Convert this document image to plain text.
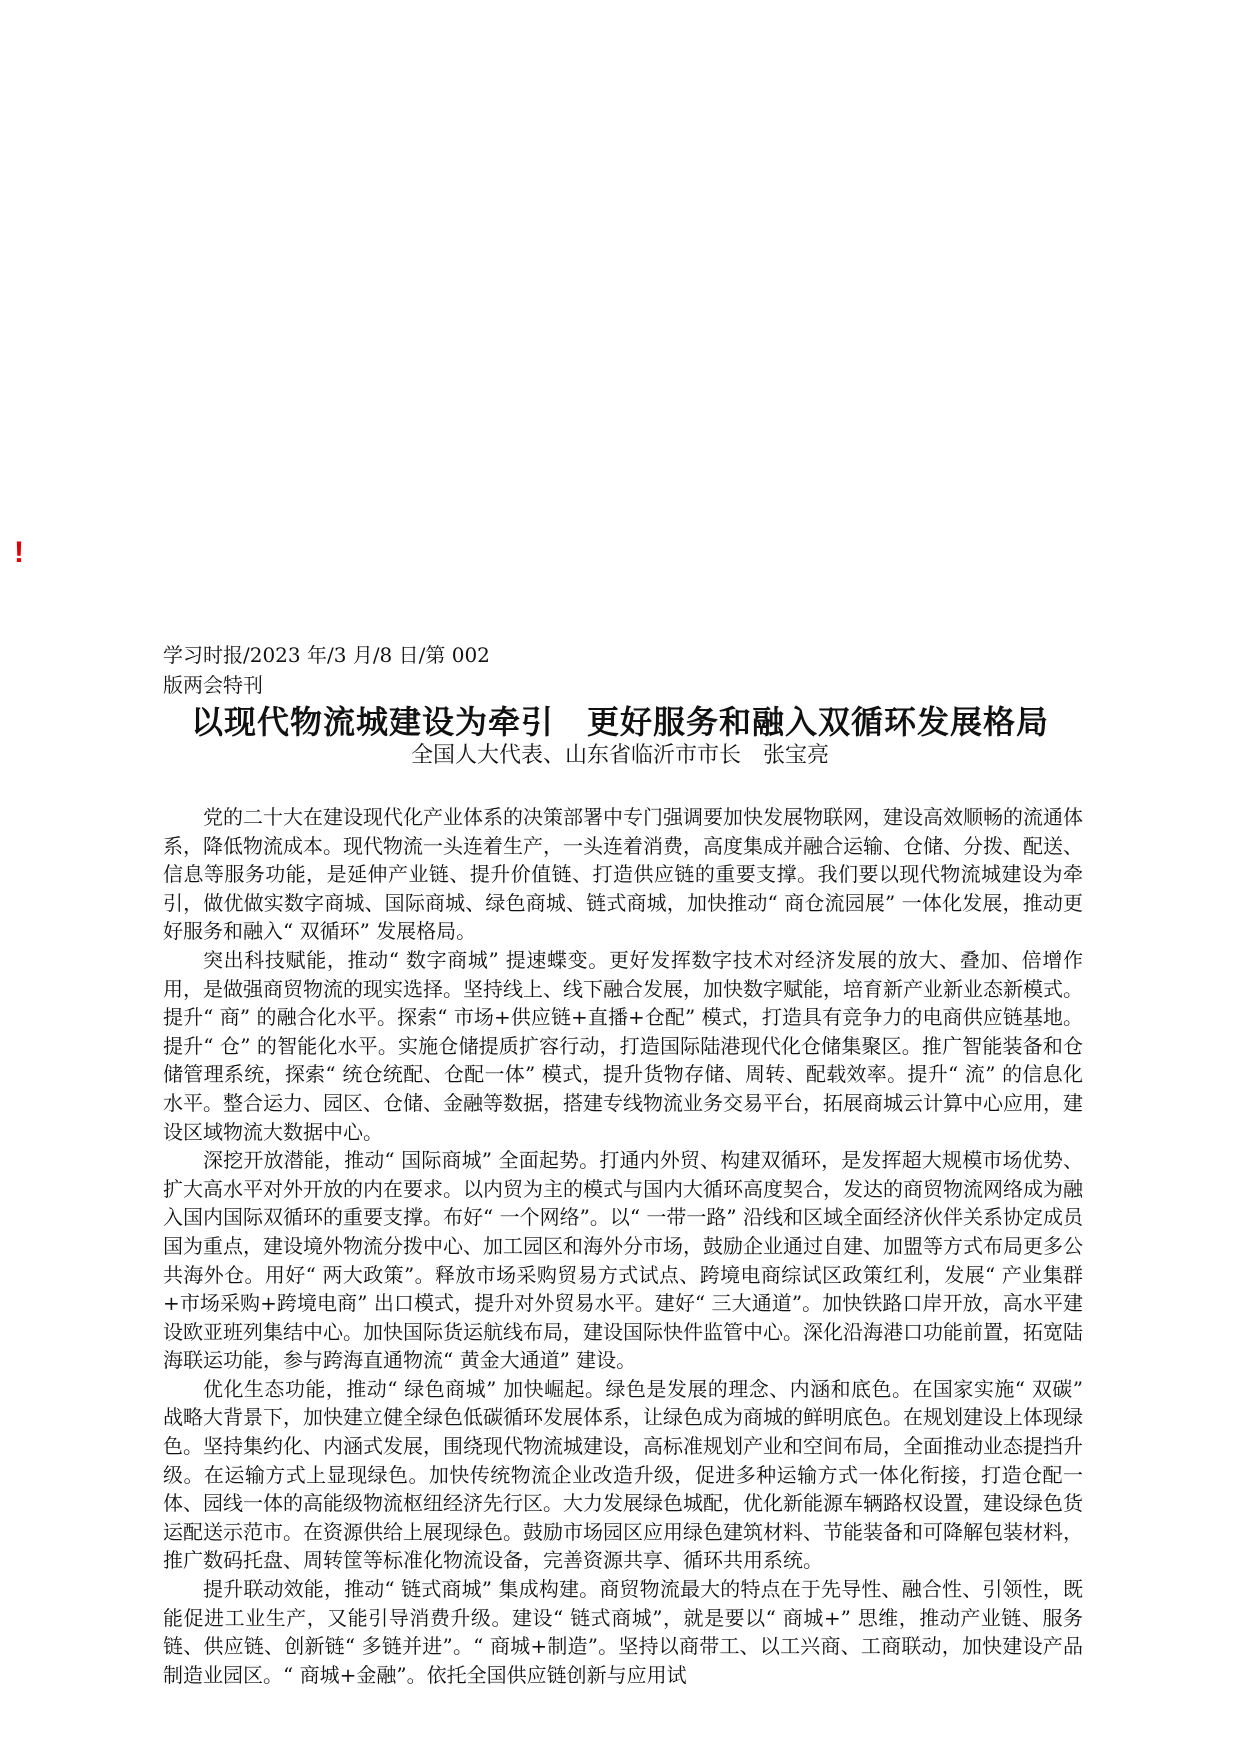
!
学习时报/2023 年/3 月/8 日/第 002 版两会特刊
以现代物流城建设为牵引　更好服务和融入双循环发展格局
全国人大代表、山东省临沂市市长　张宝亮

党的二十大在建设现代化产业体系的决策部署中专门强调要加快发展物联网，建设高效顺畅的流通体系，降低物流成本。现代物流一头连着生产，一头连着消费，高度集成并融合运输、仓储、分拨、配送、信息等服务功能，是延伸产业链、提升价值链、打造供应链的重要支撑。我们要以现代物流城建设为牵引，做优做实数字商城、国际商城、绿色商城、链式商城，加快推动“ 商仓流园展” 一体化发展，推动更好服务和融入“ 双循环” 发展格局。

突出科技赋能，推动“ 数字商城” 提速蝶变。更好发挥数字技术对经济发展的放大、叠加、倍增作用，是做强商贸物流的现实选择。坚持线上、线下融合发展，加快数字赋能，培育新产业新业态新模式。提升“ 商” 的融合化水平。探索“ 市场+供应链+直播+仓配” 模式，打造具有竞争力的电商供应链基地。提升“ 仓” 的智能化水平。实施仓储提质扩容行动，打造国际陆港现代化仓储集聚区。推广智能装备和仓储管理系统，探索“ 统仓统配、仓配一体” 模式，提升货物存储、周转、配载效率。提升“ 流” 的信息化水平。整合运力、园区、仓储、金融等数据，搭建专线物流业务交易平台，拓展商城云计算中心应用，建设区域物流大数据中心。

深挖开放潜能，推动“ 国际商城” 全面起势。打通内外贸、构建双循环，是发挥超大规模市场优势、扩大高水平对外开放的内在要求。以内贸为主的模式与国内大循环高度契合，发达的商贸物流网络成为融入国内国际双循环的重要支撑。布好“ 一个网络”。以“ 一带一路” 沿线和区域全面经济伙伴关系协定成员国为重点，建设境外物流分拨中心、加工园区和海外分市场，鼓励企业通过自建、加盟等方式布局更多公共海外仓。用好“ 两大政策”。释放市场采购贸易方式试点、跨境电商综试区政策红利，发展“ 产业集群+市场采购+跨境电商” 出口模式，提升对外贸易水平。建好“ 三大通道”。加快铁路口岸开放，高水平建设欧亚班列集结中心。加快国际货运航线布局，建设国际快件监管中心。深化沿海港口功能前置，拓宽陆海联运功能，参与跨海直通物流“ 黄金大通道” 建设。

优化生态功能，推动“ 绿色商城” 加快崛起。绿色是发展的理念、内涵和底色。在国家实施“ 双碳” 战略大背景下，加快建立健全绿色低碳循环发展体系，让绿色成为商城的鲜明底色。在规划建设上体现绿色。坚持集约化、内涵式发展，围绕现代物流城建设，高标准规划产业和空间布局，全面推动业态提挡升级。在运输方式上显现绿色。加快传统物流企业改造升级，促进多种运输方式一体化衔接，打造仓配一体、园线一体的高能级物流枢纽经济先行区。大力发展绿色城配，优化新能源车辆路权设置，建设绿色货运配送示范市。在资源供给上展现绿色。鼓励市场园区应用绿色建筑材料、节能装备和可降解包装材料，推广数码托盘、周转筐等标准化物流设备，完善资源共享、循环共用系统。

提升联动效能，推动“ 链式商城” 集成构建。商贸物流最大的特点在于先导性、融合性、引领性，既能促进工业生产，又能引导消费升级。建设“ 链式商城”，就是要以“ 商城+” 思维，推动产业链、服务链、供应链、创新链“ 多链并进”。“ 商城+制造”。坚持以商带工、以工兴商、工商联动，加快建设产品制造业园区。“ 商城+金融”。依托全国供应链创新与应用试
